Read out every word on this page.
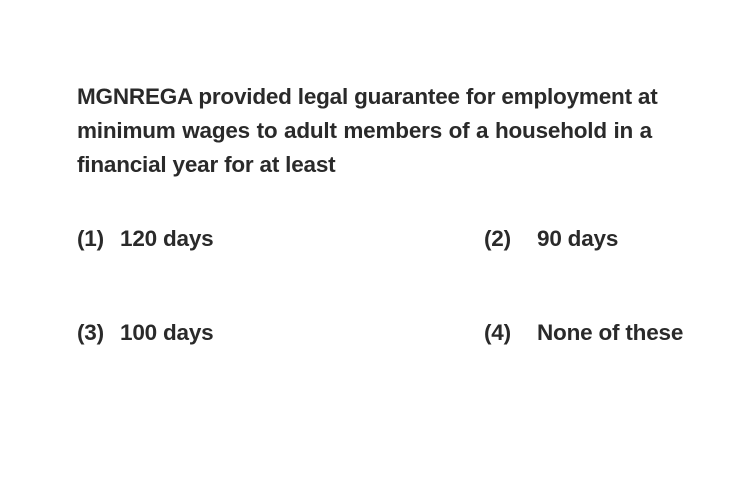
MGNREGA provided legal guarantee for employment at
minimum wages to adult members of a household in a
financial year for at least
(1) 120 days	(2) 90 days
(3) 100 days	(4) None of these
